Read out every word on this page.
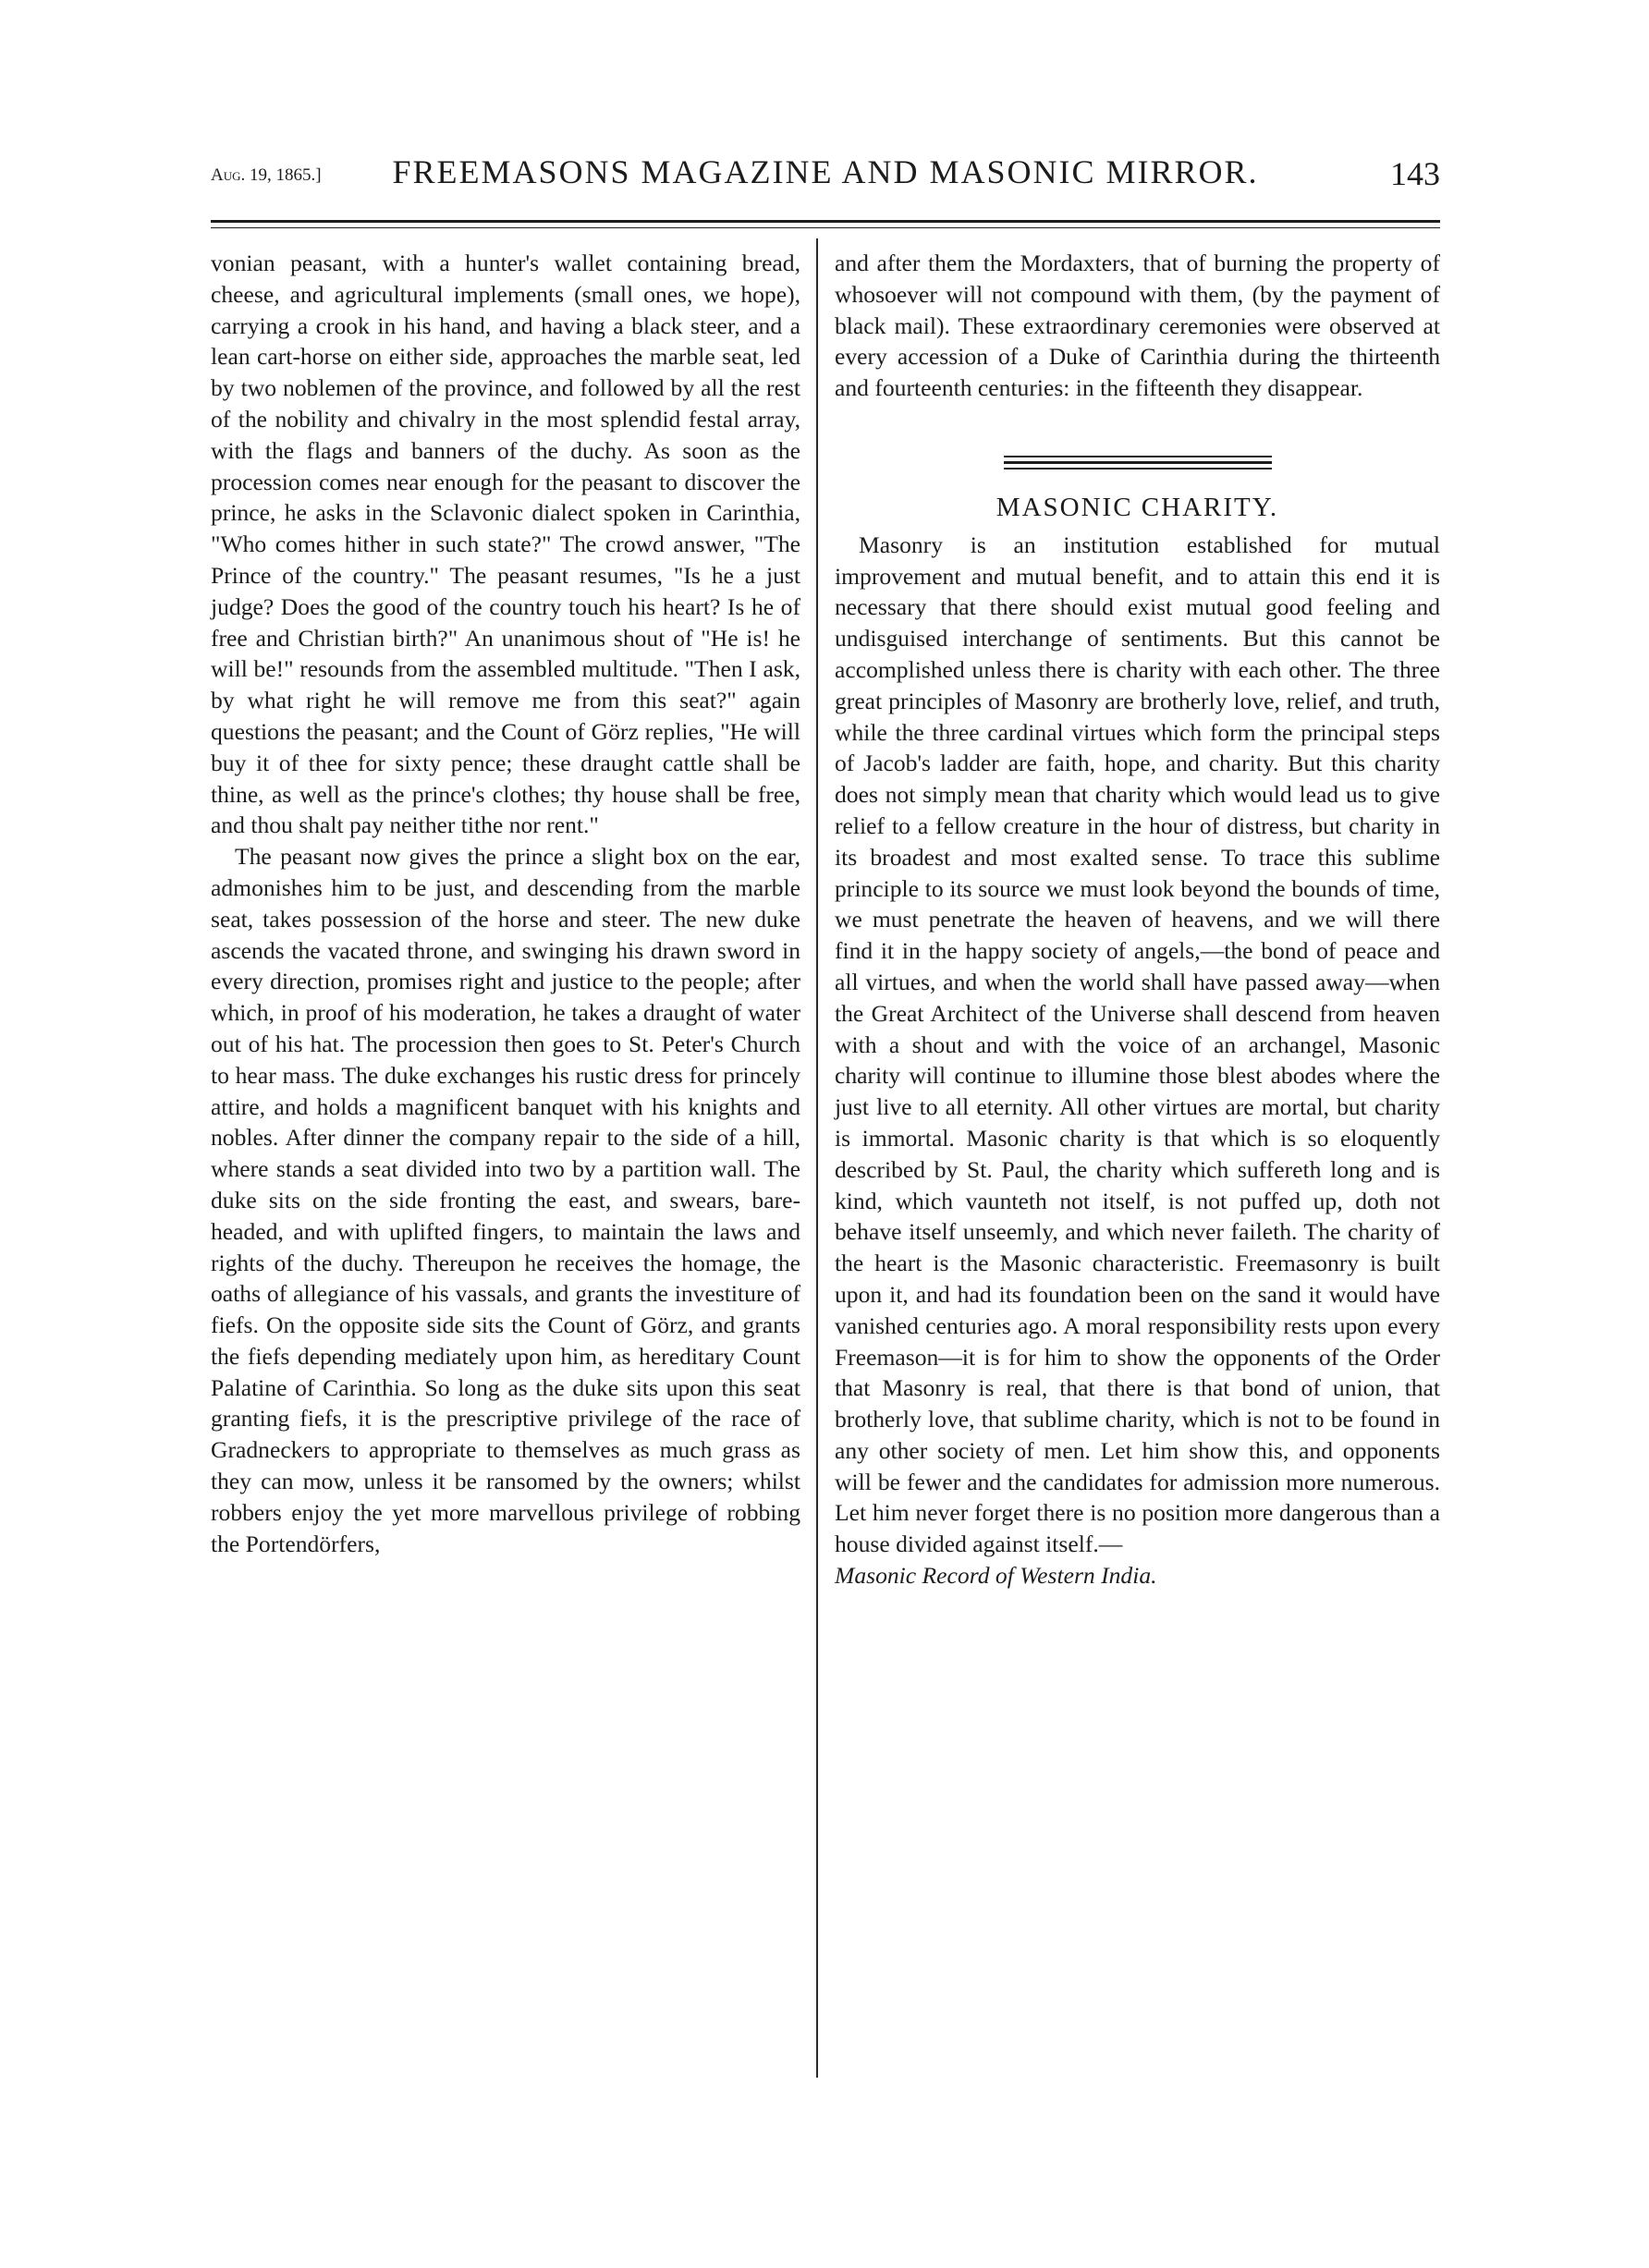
Aug. 19, 1865.]	FREEMASONS MAGAZINE AND MASONIC MIRROR.	143

vonian peasant, with a hunter's wallet containing bread, cheese, and agricultural implements (small ones, we hope), carrying a crook in his hand, and having a black steer, and a lean cart-horse on either side, approaches the marble seat, led by two noblemen of the province, and followed by all the rest of the nobility and chivalry in the most splendid festal array, with the flags and banners of the duchy. As soon as the procession comes near enough for the peasant to discover the prince, he asks in the Sclavonic dialect spoken in Carinthia, "Who comes hither in such state?" The crowd answer, "The Prince of the country." The peasant resumes, "Is he a just judge? Does the good of the country touch his heart? Is he of free and Christian birth?" An unanimous shout of "He is! he will be!" resounds from the assembled multitude. "Then I ask, by what right he will remove me from this seat?" again questions the peasant; and the Count of Görz replies, "He will buy it of thee for sixty pence; these draught cattle shall be thine, as well as the prince's clothes; thy house shall be free, and thou shalt pay neither tithe nor rent."

The peasant now gives the prince a slight box on the ear, admonishes him to be just, and descending from the marble seat, takes possession of the horse and steer. The new duke ascends the vacated throne, and swinging his drawn sword in every direction, promises right and justice to the people; after which, in proof of his moderation, he takes a draught of water out of his hat. The procession then goes to St. Peter's Church to hear mass. The duke exchanges his rustic dress for princely attire, and holds a magnificent banquet with his knights and nobles. After dinner the company repair to the side of a hill, where stands a seat divided into two by a partition wall. The duke sits on the side fronting the east, and swears, bare-headed, and with uplifted fingers, to maintain the laws and rights of the duchy. Thereupon he receives the homage, the oaths of allegiance of his vassals, and grants the investiture of fiefs. On the opposite side sits the Count of Görz, and grants the fiefs depending mediately upon him, as hereditary Count Palatine of Carinthia. So long as the duke sits upon this seat granting fiefs, it is the prescriptive privilege of the race of Gradneckers to appropriate to themselves as much grass as they can mow, unless it be ransomed by the owners; whilst robbers enjoy the yet more marvellous privilege of robbing the Portendörfers,

and after them the Mordaxters, that of burning the property of whosoever will not compound with them, (by the payment of black mail). These extraordinary ceremonies were observed at every accession of a Duke of Carinthia during the thirteenth and fourteenth centuries: in the fifteenth they disappear.

MASONIC CHARITY.

Masonry is an institution established for mutual improvement and mutual benefit, and to attain this end it is necessary that there should exist mutual good feeling and undisguised interchange of sentiments. But this cannot be accomplished unless there is charity with each other. The three great principles of Masonry are brotherly love, relief, and truth, while the three cardinal virtues which form the principal steps of Jacob's ladder are faith, hope, and charity. But this charity does not simply mean that charity which would lead us to give relief to a fellow creature in the hour of distress, but charity in its broadest and most exalted sense. To trace this sublime principle to its source we must look beyond the bounds of time, we must penetrate the heaven of heavens, and we will there find it in the happy society of angels,—the bond of peace and all virtues, and when the world shall have passed away—when the Great Architect of the Universe shall descend from heaven with a shout and with the voice of an archangel, Masonic charity will continue to illumine those blest abodes where the just live to all eternity. All other virtues are mortal, but charity is immortal. Masonic charity is that which is so eloquently described by St. Paul, the charity which suffereth long and is kind, which vaunteth not itself, is not puffed up, doth not behave itself unseemly, and which never faileth. The charity of the heart is the Masonic characteristic. Freemasonry is built upon it, and had its foundation been on the sand it would have vanished centuries ago. A moral responsibility rests upon every Freemason—it is for him to show the opponents of the Order that Masonry is real, that there is that bond of union, that brotherly love, that sublime charity, which is not to be found in any other society of men. Let him show this, and opponents will be fewer and the candidates for admission more numerous. Let him never forget there is no position more dangerous than a house divided against itself.—
Masonic Record of Western India.
